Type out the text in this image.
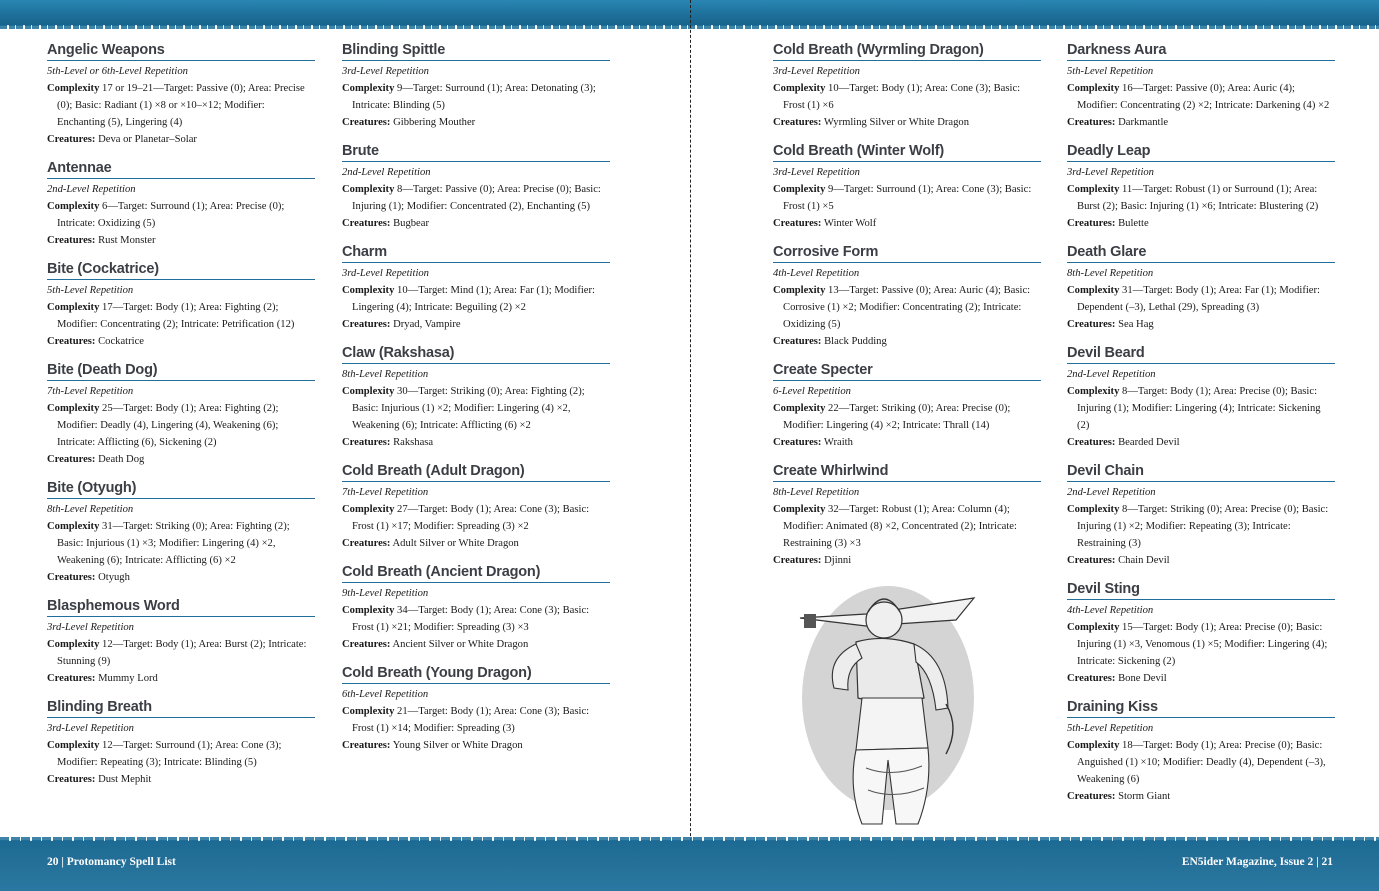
Angelic Weapons
5th-Level or 6th-Level Repetition

Complexity 17 or 19–21—Target: Passive (0); Area: Precise (0); Basic: Radiant (1) ×8 or ×10–×12; Modifier: Enchanting (5), Lingering (4)

Creatures: Deva or Planetar–Solar

Antennae
2nd-Level Repetition

Complexity 6—Target: Surround (1); Area: Precise (0); Intricate: Oxidizing (5)

Creatures: Rust Monster

Bite (Cockatrice)
5th-Level Repetition

Complexity 17—Target: Body (1); Area: Fighting (2); Modifier: Concentrating (2); Intricate: Petrification (12)

Creatures: Cockatrice

Bite (Death Dog)
7th-Level Repetition

Complexity 25—Target: Body (1); Area: Fighting (2); Modifier: Deadly (4), Lingering (4), Weakening (6); Intricate: Afflicting (6), Sickening (2)

Creatures: Death Dog

Bite (Otyugh)
8th-Level Repetition

Complexity 31—Target: Striking (0); Area: Fighting (2); Basic: Injurious (1) ×3; Modifier: Lingering (4) ×2, Weakening (6); Intricate: Afflicting (6) ×2

Creatures: Otyugh

Blasphemous Word
3rd-Level Repetition

Complexity 12—Target: Body (1); Area: Burst (2); Intricate: Stunning (9)

Creatures: Mummy Lord

Blinding Breath
3rd-Level Repetition

Complexity 12—Target: Surround (1); Area: Cone (3); Modifier: Repeating (3); Intricate: Blinding (5)

Creatures: Dust Mephit

Blinding Spittle
3rd-Level Repetition

Complexity 9—Target: Surround (1); Area: Detonating (3); Intricate: Blinding (5)

Creatures: Gibbering Mouther

Brute
2nd-Level Repetition

Complexity 8—Target: Passive (0); Area: Precise (0); Basic: Injuring (1); Modifier: Concentrated (2), Enchanting (5)

Creatures: Bugbear

Charm
3rd-Level Repetition

Complexity 10—Target: Mind (1); Area: Far (1); Modifier: Lingering (4); Intricate: Beguiling (2) ×2

Creatures: Dryad, Vampire

Claw (Rakshasa)
8th-Level Repetition

Complexity 30—Target: Striking (0); Area: Fighting (2); Basic: Injurious (1) ×2; Modifier: Lingering (4) ×2, Weakening (6); Intricate: Afflicting (6) ×2

Creatures: Rakshasa

Cold Breath (Adult Dragon)
7th-Level Repetition

Complexity 27—Target: Body (1); Area: Cone (3); Basic: Frost (1) ×17; Modifier: Spreading (3) ×2

Creatures: Adult Silver or White Dragon

Cold Breath (Ancient Dragon)
9th-Level Repetition

Complexity 34—Target: Body (1); Area: Cone (3); Basic: Frost (1) ×21; Modifier: Spreading (3) ×3

Creatures: Ancient Silver or White Dragon

Cold Breath (Young Dragon)
6th-Level Repetition

Complexity 21—Target: Body (1); Area: Cone (3); Basic: Frost (1) ×14; Modifier: Spreading (3)

Creatures: Young Silver or White Dragon

Cold Breath (Wyrmling Dragon)
3rd-Level Repetition

Complexity 10—Target: Body (1); Area: Cone (3); Basic: Frost (1) ×6

Creatures: Wyrmling Silver or White Dragon

Cold Breath (Winter Wolf)
3rd-Level Repetition

Complexity 9—Target: Surround (1); Area: Cone (3); Basic: Frost (1) ×5

Creatures: Winter Wolf

Corrosive Form
4th-Level Repetition

Complexity 13—Target: Passive (0); Area: Auric (4); Basic: Corrosive (1) ×2; Modifier: Concentrating (2); Intricate: Oxidizing (5)

Creatures: Black Pudding

Create Specter
6-Level Repetition

Complexity 22—Target: Striking (0); Area: Precise (0); Modifier: Lingering (4) ×2; Intricate: Thrall (14)

Creatures: Wraith

Create Whirlwind
8th-Level Repetition

Complexity 32—Target: Robust (1); Area: Column (4); Modifier: Animated (8) ×2, Concentrated (2); Intricate: Restraining (3) ×3

Creatures: Djinni

Darkness Aura
5th-Level Repetition

Complexity 16—Target: Passive (0); Area: Auric (4); Modifier: Concentrating (2) ×2; Intricate: Darkening (4) ×2

Creatures: Darkmantle

Deadly Leap
3rd-Level Repetition

Complexity 11—Target: Robust (1) or Surround (1); Area: Burst (2); Basic: Injuring (1) ×6; Intricate: Blustering (2)

Creatures: Bulette

Death Glare
8th-Level Repetition

Complexity 31—Target: Body (1); Area: Far (1); Modifier: Dependent (–3), Lethal (29), Spreading (3)

Creatures: Sea Hag

Devil Beard
2nd-Level Repetition

Complexity 8—Target: Body (1); Area: Precise (0); Basic: Injuring (1); Modifier: Lingering (4); Intricate: Sickening (2)

Creatures: Bearded Devil

Devil Chain
2nd-Level Repetition

Complexity 8—Target: Striking (0); Area: Precise (0); Basic: Injuring (1) ×2; Modifier: Repeating (3); Intricate: Restraining (3)

Creatures: Chain Devil

Devil Sting
4th-Level Repetition

Complexity 15—Target: Body (1); Area: Precise (0); Basic: Injuring (1) ×3, Venomous (1) ×5; Modifier: Lingering (4); Intricate: Sickening (2)

Creatures: Bone Devil

Draining Kiss
5th-Level Repetition

Complexity 18—Target: Body (1); Area: Precise (0); Basic: Anguished (1) ×10; Modifier: Deadly (4), Dependent (–3), Weakening (6)

Creatures: Storm Giant

20 | Protomancy Spell List	EN5ider Magazine, Issue 2 | 21
